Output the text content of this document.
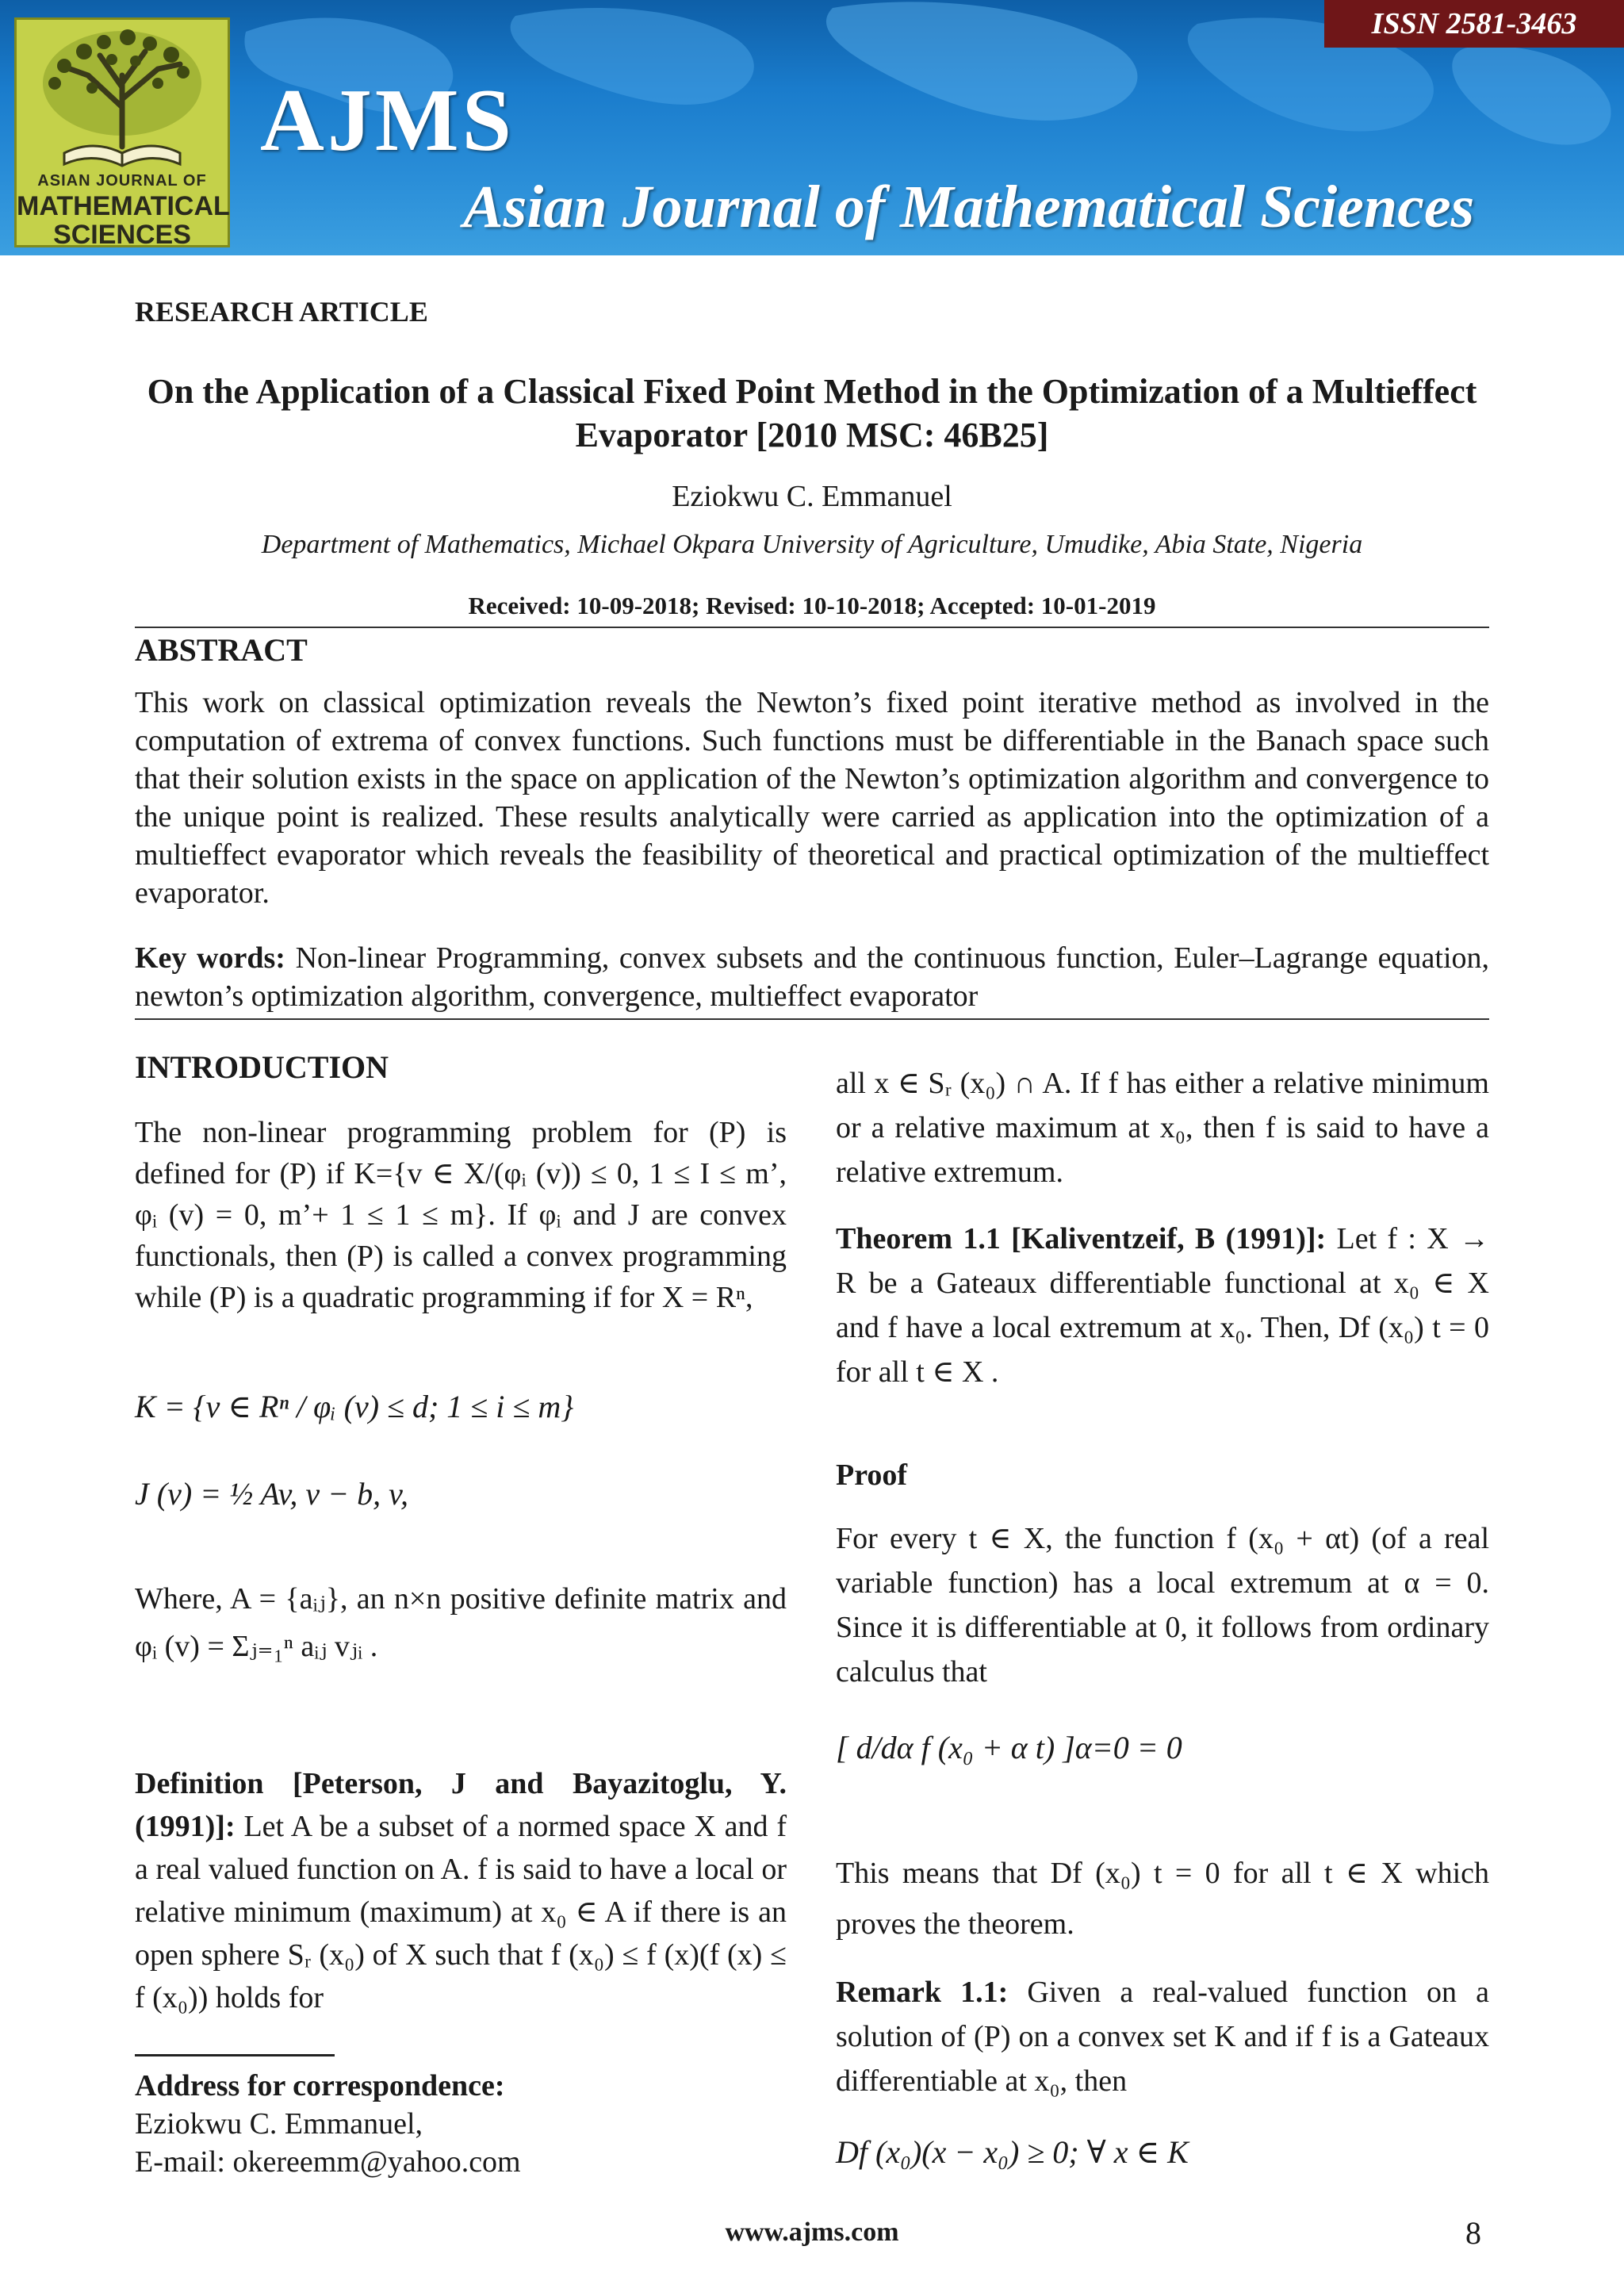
ASIAN JOURNAL OF
MATHEMATICAL
SCIENCES
AJMS
Asian Journal of Mathematical Sciences
ISSN 2581-3463
RESEARCH ARTICLE
On the Application of a Classical Fixed Point Method in the Optimization of a Multieffect Evaporator [2010 MSC: 46B25]
Eziokwu C. Emmanuel
Department of Mathematics, Michael Okpara University of Agriculture, Umudike, Abia State, Nigeria
Received: 10-09-2018; Revised: 10-10-2018; Accepted: 10-01-2019
ABSTRACT
This work on classical optimization reveals the Newton’s fixed point iterative method as involved in the computation of extrema of convex functions. Such functions must be differentiable in the Banach space such that their solution exists in the space on application of the Newton’s optimization algorithm and convergence to the unique point is realized. These results analytically were carried as application into the optimization of a multieffect evaporator which reveals the feasibility of theoretical and practical optimization of the multieffect evaporator.
Key words: Non-linear Programming, convex subsets and the continuous function, Euler–Lagrange equation, newton’s optimization algorithm, convergence, multieffect evaporator
INTRODUCTION
The non-linear programming problem for (P) is defined for (P) if K={v ∈ X/(φᵢ (v)) ≤ 0, 1 ≤ I ≤ m’, φᵢ (v) = 0, m’+ 1 ≤ 1 ≤ m}. If φᵢ and J are convex functionals, then (P) is called a convex programming while (P) is a quadratic programming if for X = Rⁿ,
K = {v ∈ Rⁿ / φᵢ (v) ≤ d; 1 ≤ i ≤ m}
J (v) = ½ Av, v − b, v,
Where, A = {aᵢⱼ}, an n×n positive definite matrix and φᵢ (v) = Σⱼ₌₁ⁿ aᵢⱼ vⱼᵢ .
Definition [Peterson, J and Bayazitoglu, Y. (1991)]: Let A be a subset of a normed space X and f a real valued function on A. f is said to have a local or relative minimum (maximum) at x₀ ∈ A if there is an open sphere Sᵣ (x₀) of X such that f (x₀) ≤ f (x)(f (x) ≤ f (x₀)) holds for
Address for correspondence:
Eziokwu C. Emmanuel,
E-mail: okereemm@yahoo.com
all x ∈ Sᵣ (x₀) ∩ A. If f has either a relative minimum or a relative maximum at x₀, then f is said to have a relative extremum.
Theorem 1.1 [Kaliventzeif, B (1991)]: Let f : X → R be a Gateaux differentiable functional at x₀ ∈ X and f have a local extremum at x₀. Then, Df (x₀) t = 0 for all t ∈ X .
Proof
For every t ∈ X, the function f (x₀ + αt) (of a real variable function) has a local extremum at α = 0. Since it is differentiable at 0, it follows from ordinary calculus that
[ d/dα f (x₀ + α t) ]α=0 = 0
This means that Df (x₀) t = 0 for all t ∈ X which proves the theorem.
Remark 1.1: Given a real-valued function on a solution of (P) on a convex set K and if f is a Gateaux differentiable at x₀, then
Df (x₀)(x − x₀) ≥ 0; ∀ x ∈ K
www.ajms.com	8
